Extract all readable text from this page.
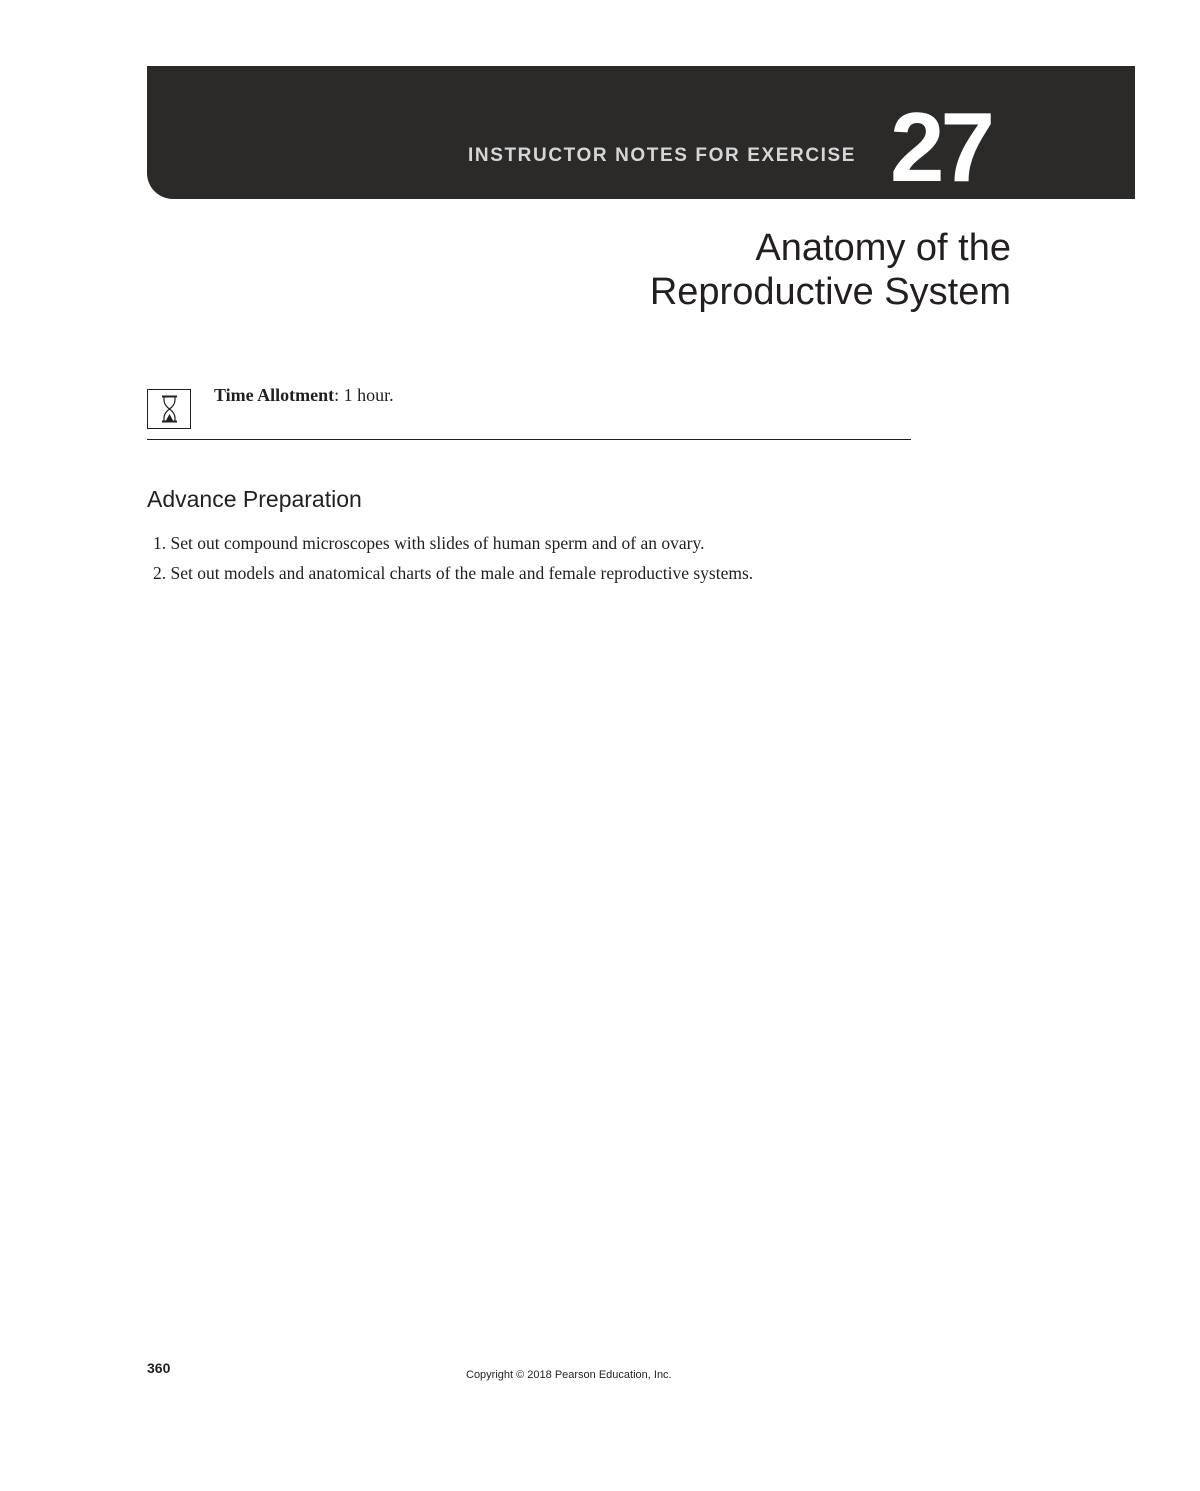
INSTRUCTOR NOTES FOR EXERCISE 27
Anatomy of the
Reproductive System
Time Allotment: 1 hour.
Advance Preparation
1. Set out compound microscopes with slides of human sperm and of an ovary.
2. Set out models and anatomical charts of the male and female reproductive systems.
360	Copyright © 2018 Pearson Education, Inc.
